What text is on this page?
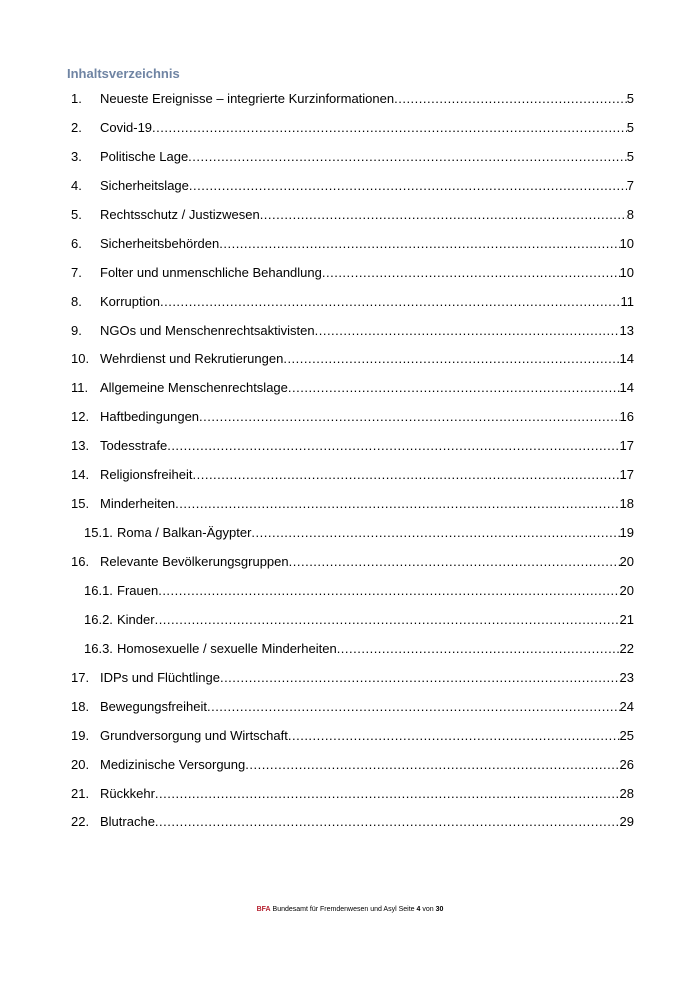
Inhaltsverzeichnis
1. Neueste Ereignisse – integrierte Kurzinformationen .....	5
2. Covid-19 .....	5
3. Politische Lage .....	5
4. Sicherheitslage .....	7
5. Rechtsschutz / Justizwesen .....	8
6. Sicherheitsbehörden .....	10
7. Folter und unmenschliche Behandlung .....	10
8. Korruption .....	11
9. NGOs und Menschenrechtsaktivisten .....	13
10. Wehrdienst und Rekrutierungen .....	14
11. Allgemeine Menschenrechtslage .....	14
12. Haftbedingungen .....	16
13. Todesstrafe .....	17
14. Religionsfreiheit .....	17
15. Minderheiten .....	18
15.1. Roma / Balkan-Ägypter .....	19
16. Relevante Bevölkerungsgruppen .....	20
16.1. Frauen .....	20
16.2. Kinder .....	21
16.3. Homosexuelle / sexuelle Minderheiten .....	22
17. IDPs und Flüchtlinge .....	23
18. Bewegungsfreiheit .....	24
19. Grundversorgung und Wirtschaft .....	25
20. Medizinische Versorgung .....	26
21. Rückkehr .....	28
22. Blutrache .....	29
BFA Bundesamt für Fremdenwesen und Asyl Seite 4 von 30
